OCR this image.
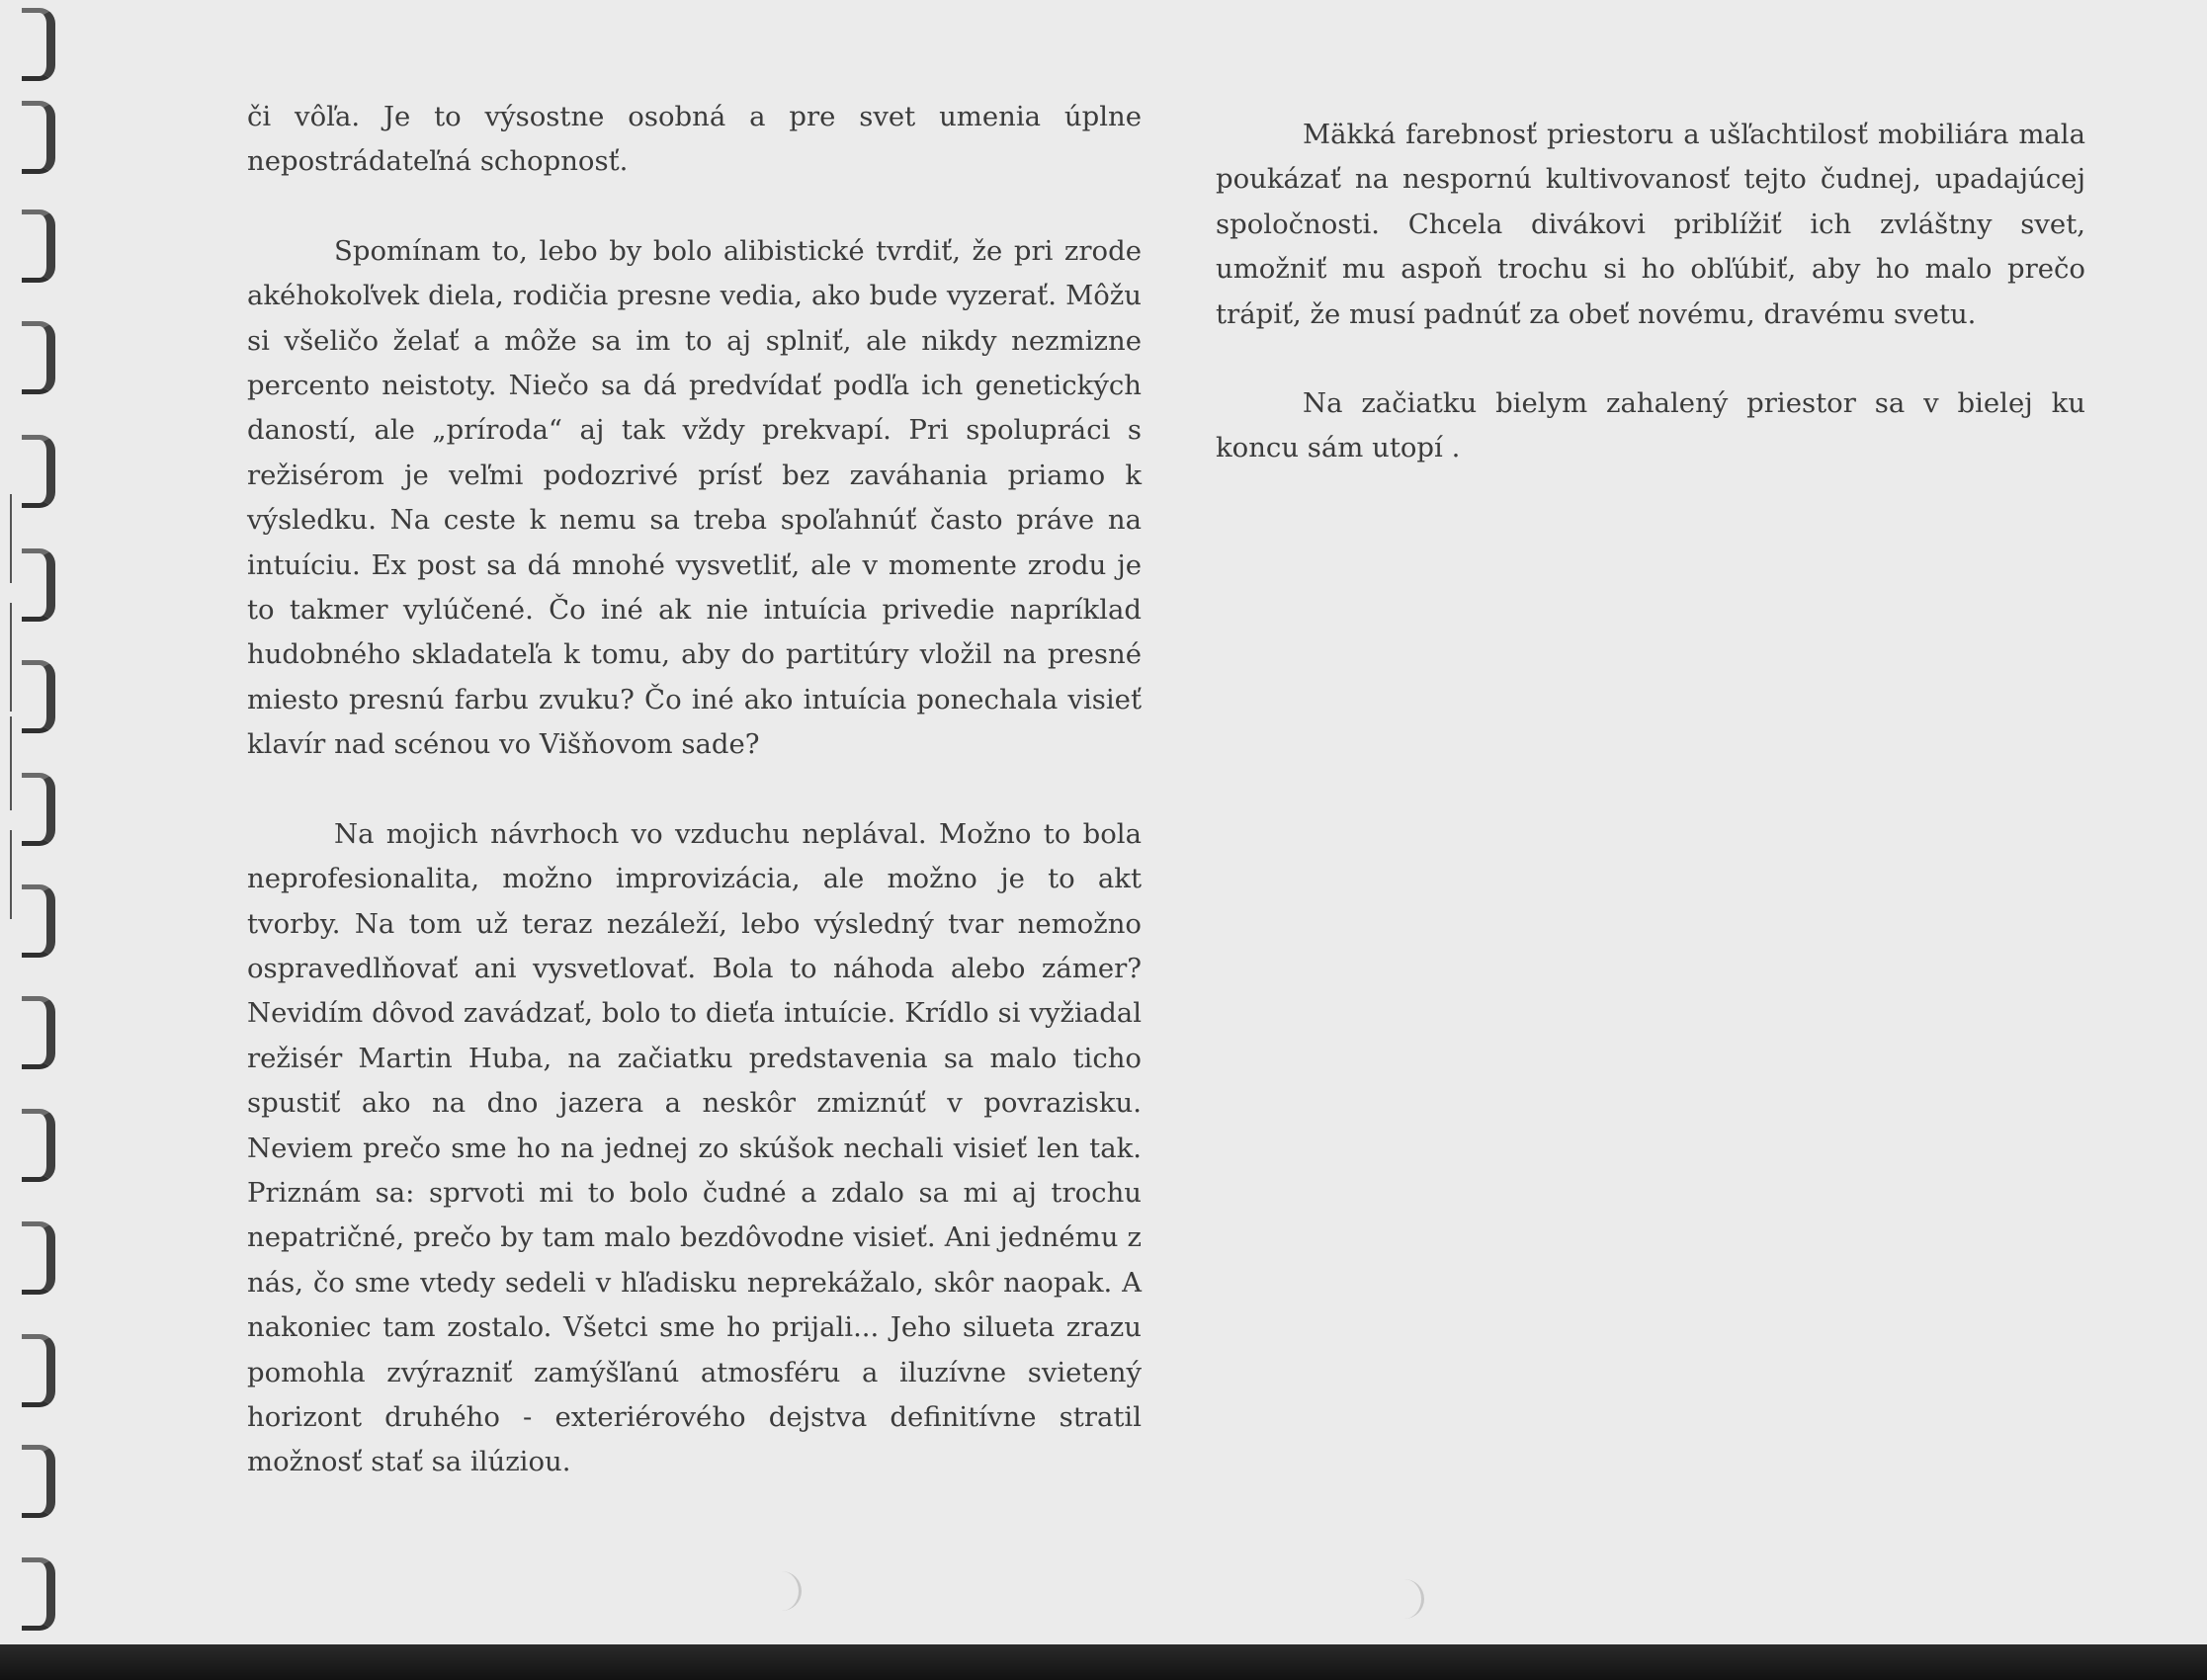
či vôľa. Je to výsostne osobná a pre svet umenia úplne nepostrádateľná schopnosť.

Spomínam to, lebo by bolo alibistické tvrdiť, že pri zrode akéhokoľvek diela, rodičia presne vedia, ako bude vyzerať. Môžu si všeličo želať a môže sa im to aj splniť, ale nikdy nezmizne percento neistoty. Niečo sa dá predvídať podľa ich genetických daností, ale „príroda“ aj tak vždy prekvapí. Pri spolupráci s režisérom je veľmi podozrivé prísť bez zaváhania priamo k výsledku. Na ceste k nemu sa treba spoľahnúť často práve na intuíciu. Ex post sa dá mnohé vysvetliť, ale v momente zrodu je to takmer vylúčené. Čo iné ak nie intuícia privedie napríklad hudobného skladateľa k tomu, aby do partitúry vložil na presné miesto presnú farbu zvuku? Čo iné ako intuícia ponechala visieť klavír nad scénou vo Višňovom sade?

Na mojich návrhoch vo vzduchu neplával. Možno to bola neprofesionalita, možno improvizácia, ale možno je to akt tvorby. Na tom už teraz nezáleží, lebo výsledný tvar nemožno ospravedlňovať ani vysvetlovať. Bola to náhoda alebo zámer? Nevidím dôvod zavádzať, bolo to dieťa intuície. Krídlo si vyžiadal režisér Martin Huba, na začiatku predstavenia sa malo ticho spustiť ako na dno jazera a neskôr zmiznúť v povrazisku. Neviem prečo sme ho na jednej zo skúšok nechali visieť len tak. Priznám sa: sprvoti mi to bolo čudné a zdalo sa mi aj trochu nepatričné, prečo by tam malo bezdôvodne visieť. Ani jednému z nás, čo sme vtedy sedeli v hľadisku neprekážalo, skôr naopak. A nakoniec tam zostalo. Všetci sme ho prijali... Jeho silueta zrazu pomohla zvýrazniť zamýšľanú atmosféru a iluzívne svietený horizont druhého - exteriérového dejstva definitívne stratil možnosť stať sa ilúziou.

Mäkká farebnosť priestoru a ušľachtilosť mobiliára mala poukázať na nespornú kultivovanosť tejto čudnej, upadajúcej spoločnosti. Chcela divákovi priblížiť ich zvláštny svet, umožniť mu aspoň trochu si ho obľúbiť, aby ho malo prečo trápiť, že musí padnúť za obeť novému, dravému svetu.

Na začiatku bielym zahalený priestor sa v bielej ku koncu sám utopí .
